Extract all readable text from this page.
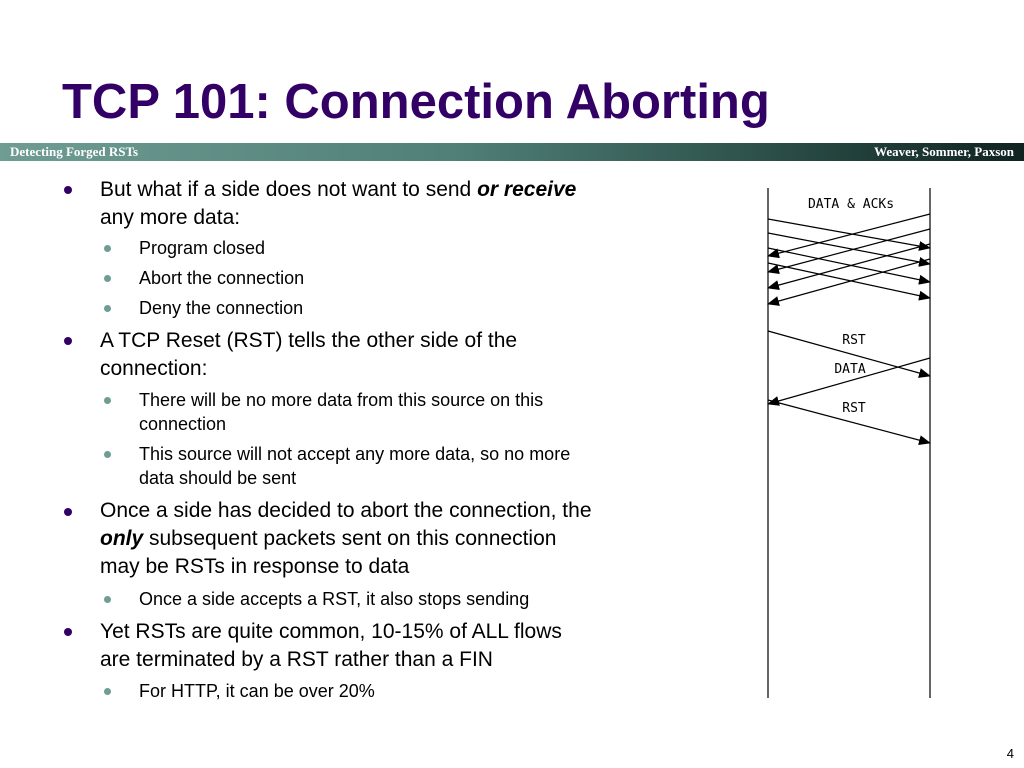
TCP 101: Connection Aborting
Detecting Forged RSTs	Weaver, Sommer, Paxson
But what if a side does not want to send or receive
any more data:
Program closed
Abort the connection
Deny the connection
A TCP Reset (RST) tells the other side of the
connection:
There will be no more data from this source on this
connection
This source will not accept any more data, so no more
data should be sent
Once a side has decided to abort the connection, the
only subsequent packets sent on this connection
may be RSTs in response to data
Once a side accepts a RST, it also stops sending
Yet RSTs are quite common, 10-15% of ALL flows
are terminated by a RST rather than a FIN
For HTTP, it can be over 20%
DATA & ACKs
RST
DATA
RST
4
